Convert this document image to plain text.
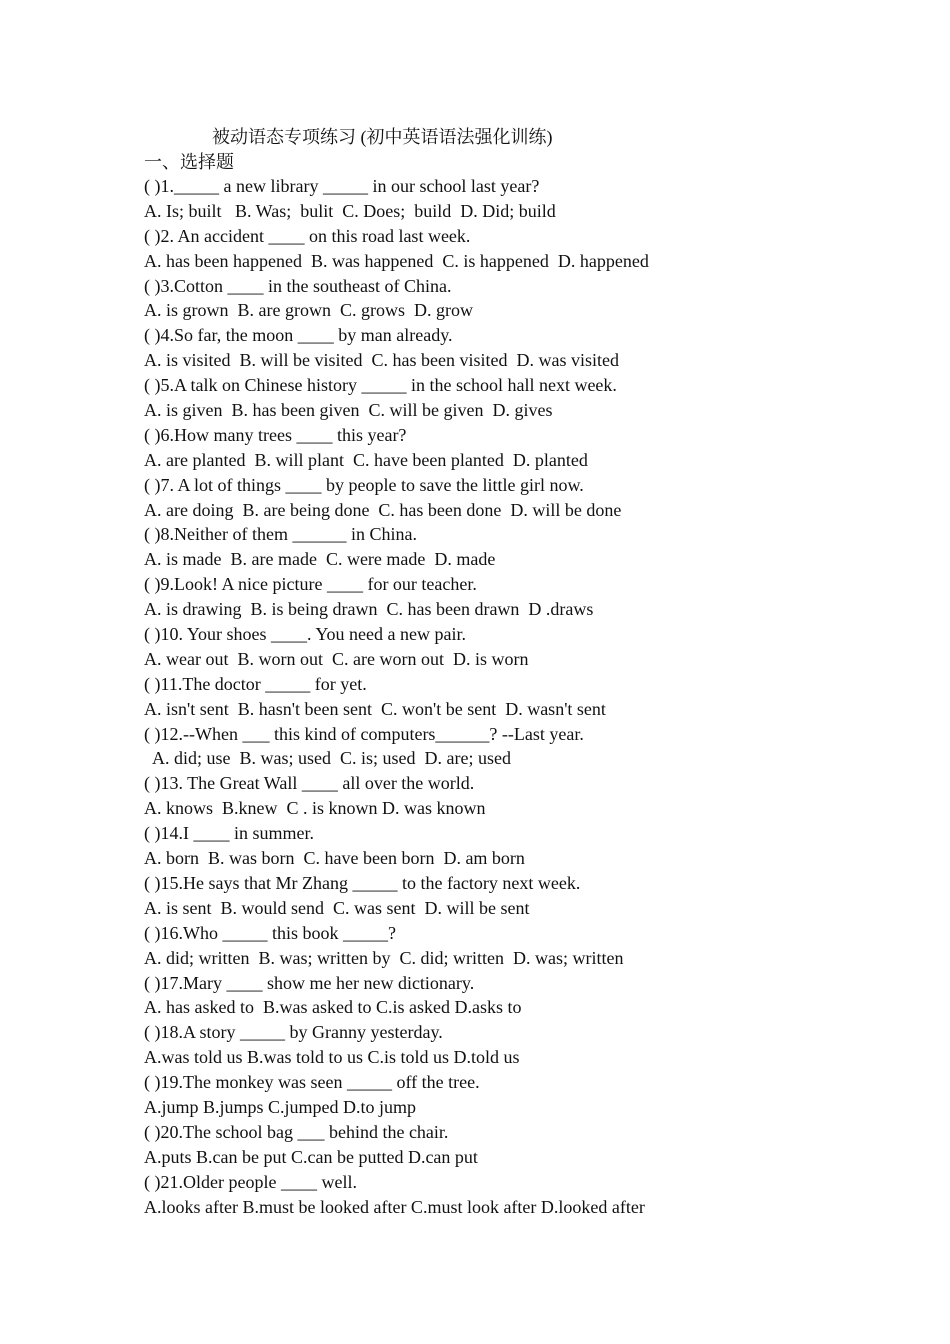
被动语态专项练习 (初中英语语法强化训练)
一、选择题
( )1._____ a new library _____ in our school last year?
A. Is; built   B. Was;  bulit  C. Does;  build  D. Did; build
( )2. An accident ____ on this road last week.
A. has been happened  B. was happened  C. is happened  D. happened
( )3.Cotton ____ in the southeast of China.
A. is grown  B. are grown  C. grows  D. grow
( )4.So far, the moon ____ by man already.
A. is visited  B. will be visited  C. has been visited  D. was visited
( )5.A talk on Chinese history _____ in the school hall next week.
A. is given  B. has been given  C. will be given  D. gives
( )6.How many trees ____ this year?
A. are planted  B. will plant  C. have been planted  D. planted
( )7. A lot of things ____ by people to save the little girl now.
A. are doing  B. are being done  C. has been done  D. will be done
( )8.Neither of them ______ in China.
A. is made  B. are made  C. were made  D. made
( )9.Look! A nice picture ____ for our teacher.
A. is drawing  B. is being drawn  C. has been drawn  D .draws
( )10. Your shoes ____. You need a new pair.
A. wear out  B. worn out  C. are worn out  D. is worn
( )11.The doctor _____ for yet.
A. isn't sent  B. hasn't been sent  C. won't be sent  D. wasn't sent
( )12.--When ___ this kind of computers______? --Last year.
A. did; use  B. was; used  C. is; used  D. are; used
( )13. The Great Wall ____ all over the world.
A. knows  B.knew  C . is known D. was known
( )14.I ____ in summer.
A. born  B. was born  C. have been born  D. am born
( )15.He says that Mr Zhang _____ to the factory next week.
A. is sent  B. would send  C. was sent  D. will be sent
( )16.Who _____ this book _____?
A. did; written  B. was; written by  C. did; written  D. was; written
( )17.Mary ____ show me her new dictionary.
A. has asked to  B.was asked to C.is asked D.asks to
( )18.A story _____ by Granny yesterday.
A.was told us B.was told to us C.is told us D.told us
( )19.The monkey was seen _____ off the tree.
A.jump B.jumps C.jumped D.to jump
( )20.The school bag ___ behind the chair.
A.puts B.can be put C.can be putted D.can put
( )21.Older people ____ well.
A.looks after B.must be looked after C.must look after D.looked after
